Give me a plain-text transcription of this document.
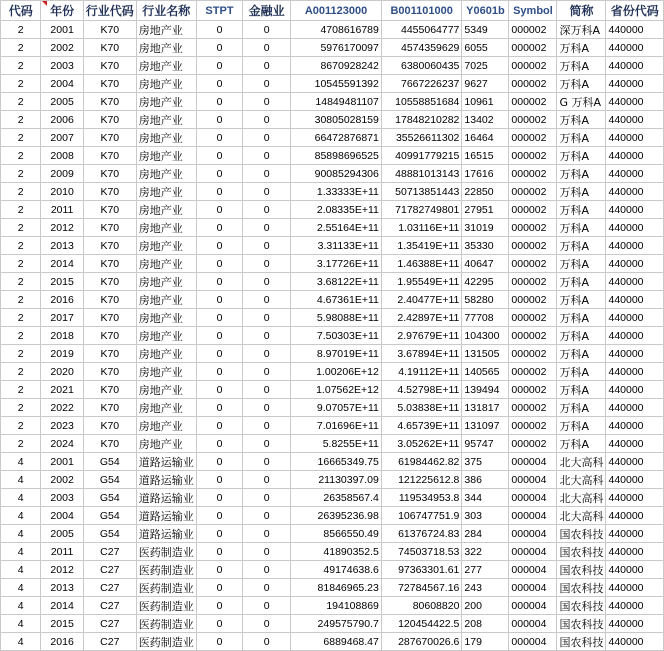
代码	年份	行业代码	行业名称	STPT	金融业	A001123000	B001101000	Y0601b	Symbol	简称	省份代码
2	2001	K70	房地产业	0	0	4708616789	4455064777	5349	000002	深万科A	440000
2	2002	K70	房地产业	0	0	5976170097	4574359629	6055	000002	万科A	440000
2	2003	K70	房地产业	0	0	8670928242	6380060435	7025	000002	万科A	440000
2	2004	K70	房地产业	0	0	10545591392	7667226237	9627	000002	万科A	440000
2	2005	K70	房地产业	0	0	14849481107	10558851684	10961	000002	G 万科A	440000
2	2006	K70	房地产业	0	0	30805028159	17848210282	13402	000002	万科A	440000
2	2007	K70	房地产业	0	0	66472876871	35526611302	16464	000002	万科A	440000
2	2008	K70	房地产业	0	0	85898696525	40991779215	16515	000002	万科A	440000
2	2009	K70	房地产业	0	0	90085294306	48881013143	17616	000002	万科A	440000
2	2010	K70	房地产业	0	0	1.33333E+11	50713851443	22850	000002	万科A	440000
2	2011	K70	房地产业	0	0	2.08335E+11	71782749801	27951	000002	万科A	440000
2	2012	K70	房地产业	0	0	2.55164E+11	1.03116E+11	31019	000002	万科A	440000
2	2013	K70	房地产业	0	0	3.31133E+11	1.35419E+11	35330	000002	万科A	440000
2	2014	K70	房地产业	0	0	3.17726E+11	1.46388E+11	40647	000002	万科A	440000
2	2015	K70	房地产业	0	0	3.68122E+11	1.95549E+11	42295	000002	万科A	440000
2	2016	K70	房地产业	0	0	4.67361E+11	2.40477E+11	58280	000002	万科A	440000
2	2017	K70	房地产业	0	0	5.98088E+11	2.42897E+11	77708	000002	万科A	440000
2	2018	K70	房地产业	0	0	7.50303E+11	2.97679E+11	104300	000002	万科A	440000
2	2019	K70	房地产业	0	0	8.97019E+11	3.67894E+11	131505	000002	万科A	440000
2	2020	K70	房地产业	0	0	1.00206E+12	4.19112E+11	140565	000002	万科A	440000
2	2021	K70	房地产业	0	0	1.07562E+12	4.52798E+11	139494	000002	万科A	440000
2	2022	K70	房地产业	0	0	9.07057E+11	5.03838E+11	131817	000002	万科A	440000
2	2023	K70	房地产业	0	0	7.01696E+11	4.65739E+11	131097	000002	万科A	440000
2	2024	K70	房地产业	0	0	5.8255E+11	3.05262E+11	95747	000002	万科A	440000
4	2001	G54	道路运输业	0	0	16665349.75	61984462.82	375	000004	北大高科	440000
4	2002	G54	道路运输业	0	0	21130397.09	121225612.8	386	000004	北大高科	440000
4	2003	G54	道路运输业	0	0	26358567.4	119534953.8	344	000004	北大高科	440000
4	2004	G54	道路运输业	0	0	26395236.98	106747751.9	303	000004	北大高科	440000
4	2005	G54	道路运输业	0	0	8566550.49	61376724.83	284	000004	国农科技	440000
4	2011	C27	医药制造业	0	0	41890352.5	74503718.53	322	000004	国农科技	440000
4	2012	C27	医药制造业	0	0	49174638.6	97363301.61	277	000004	国农科技	440000
4	2013	C27	医药制造业	0	0	81846965.23	72784567.16	243	000004	国农科技	440000
4	2014	C27	医药制造业	0	0	194108869	80608820	200	000004	国农科技	440000
4	2015	C27	医药制造业	0	0	249575790.7	120454422.5	208	000004	国农科技	440000
4	2016	C27	医药制造业	0	0	6889468.47	287670026.6	179	000004	国农科技	440000
